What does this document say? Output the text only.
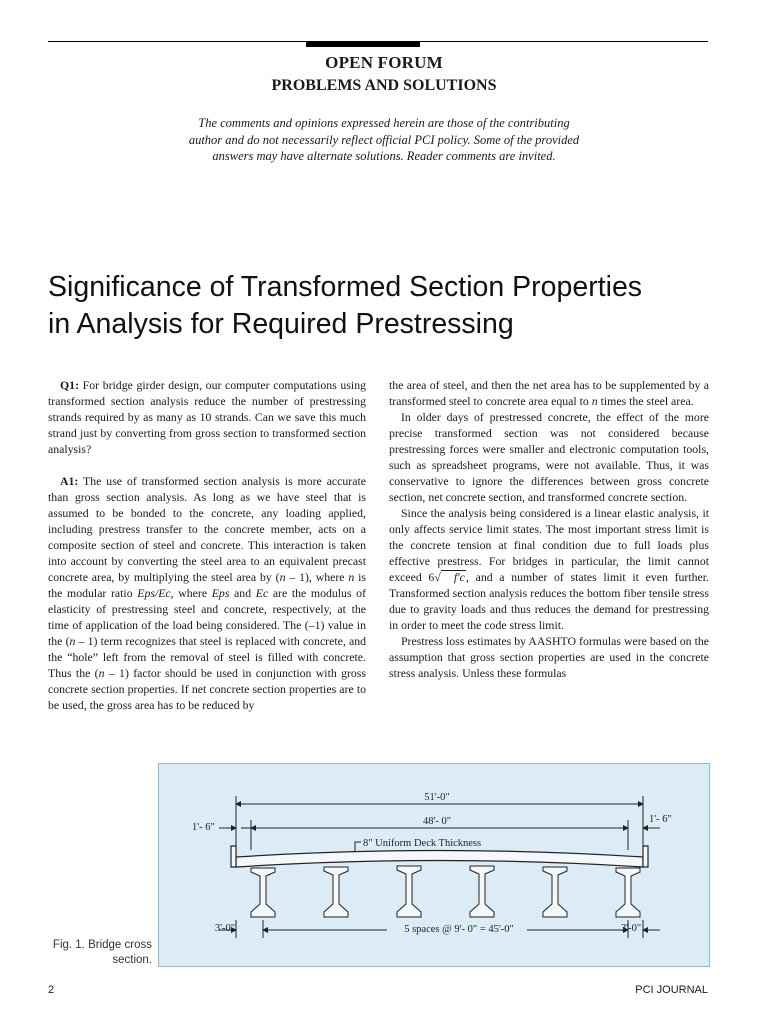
OPEN FORUM
PROBLEMS AND SOLUTIONS
The comments and opinions expressed herein are those of the contributing
author and do not necessarily reflect official PCI policy. Some of the provided
answers may have alternate solutions. Reader comments are invited.
Significance of Transformed Section Properties
in Analysis for Required Prestressing

Q1: For bridge girder design, our computer computations using transformed section analysis reduce the number of prestressing strands required by as many as 10 strands. Can we save this much strand just by converting from gross section to transformed section analysis?

A1: The use of transformed section analysis is more accurate than gross section analysis. As long as we have steel that is assumed to be bonded to the concrete, any loading applied, including prestress transfer to the concrete member, acts on a composite section of steel and concrete. This interaction is taken into account by converting the steel area to an equivalent precast concrete area, by multiplying the steel area by (n – 1), where n is the modular ratio Eps/Ec, where Eps and Ec are the modulus of elasticity of prestressing steel and concrete, respectively, at the time of application of the load being considered. The (–1) value in the (n – 1) term recognizes that steel is replaced with concrete, and the “hole” left from the removal of steel is filled with concrete. Thus the (n – 1) factor should be used in conjunction with gross concrete section properties. If net concrete section properties are to be used, the gross area has to be reduced by

the area of steel, and then the net area has to be supplemented by a transformed steel to concrete area equal to n times the steel area.

In older days of prestressed concrete, the effect of the more precise transformed section was not considered because prestressing forces were smaller and electronic computation tools, such as spreadsheet programs, were not available. Thus, it was conservative to ignore the differences between gross concrete section, net concrete section, and transformed concrete section.

Since the analysis being considered is a linear elastic analysis, it only affects service limit states. The most important stress limit is the concrete tension at final condition due to full loads plus effective prestress. For bridges in particular, the limit cannot exceed 6√ f′c, and a number of states limit it even further. Transformed section analysis reduces the bottom fiber tensile stress due to gravity loads and thus reduces the demand for prestressing in order to meet the code stress limit.

Prestress loss estimates by AASHTO formulas were based on the assumption that gross section properties are used in the concrete stress analysis. Unless these formulas

51'-0"
48'- 0"
1'- 6"
1'- 6"
8" Uniform Deck Thickness
3'-0"	5 spaces @ 9'- 0" = 45'-0"	3'-0"
Fig. 1. Bridge cross
section.
2	PCI JOURNAL
